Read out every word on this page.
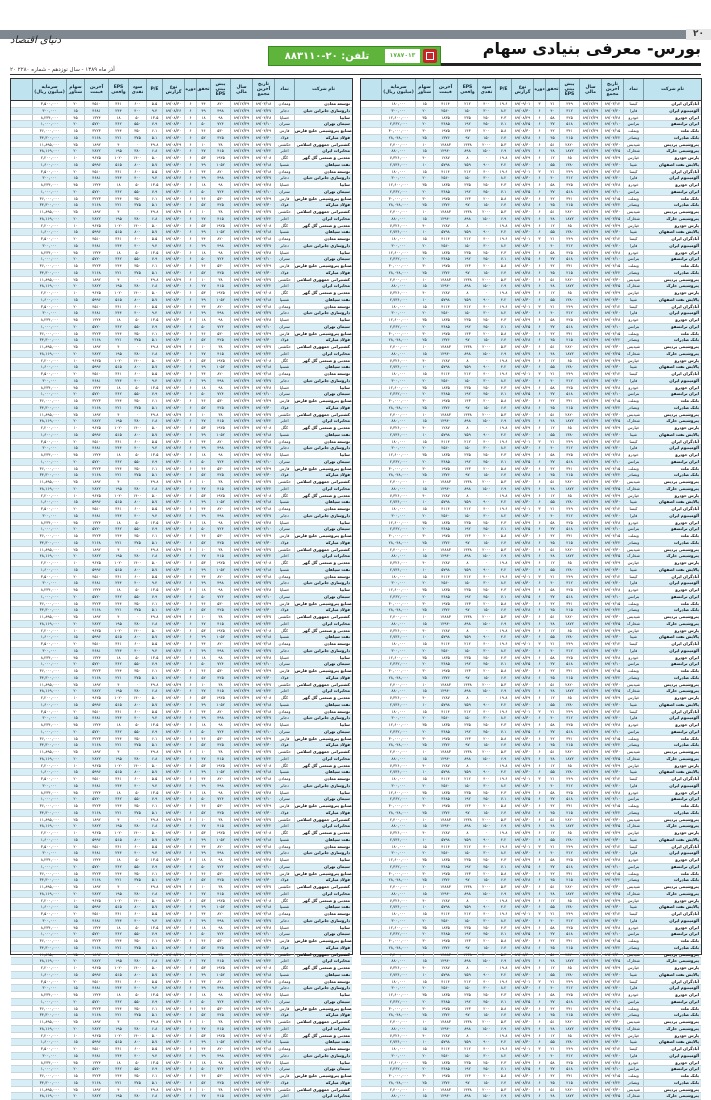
۲۰
دنیای اقتصاد	بورس- معرفی بنیادی سهام
تلفن: ۲۰-۸۸۳۱۱۰	۱۷۸۷۰۱۳
۲۰ آذر ماه ۱۳۸۹ - سال نوزدهم - شماره ۲۲۸۰
نام شرکت
نماد
تاریخ آخرین مجمع
سال مالی
پیش بینی EPS
تحقق
دوره
نوع گزارش
P/E
سود نقدی
EPS واقعی
آخرین قیمت
سهام شناور
سرمایه (میلیون ریال)
آبادگران ایران
کیسا
۸۹/۰۳/۱۲
۸۹/۱۲/۲۹
۲۴۹
۲۱
۳
۸۹/۰۹/۰۱
۱۹.۶
۴۰۰
۲۱۲
۴۱۱۴
۱۵
۱۸۰,۰۰۰
آلومینیوم ایران
فایرا
۸۹/۰۴/۲۰
۸۹/۱۲/۲۹
۳۱۲
۴۰
۶
۸۹/۰۸/۳۰
۸.۲
۳۰۰
۱۵۰
۲۵۶۰
۲۰
۳۰۰,۰۰۰
ایران خودرو
خودرو
۸۹/۰۴/۲۸
۸۹/۱۲/۲۹
۴۲۵
۵۸
۶
۸۹/۰۸/۲۹
۴.۳
۲۵۰
۲۳۵
۱۸۳۵
۳۵
۱۲,۶۰۰,۰۰۰
ایران ترانسفو
بترانس
۸۹/۰۴/۱۰
۸۹/۱۲/۲۹
۵۱۸
۳۷
۶
۸۹/۰۸/۲۵
۷.۱
۴۵۰
۱۹۲
۳۶۸۵
۲۰
۲,۳۶۲,۰۰۰
بانک ملت
وبملت
۸۹/۰۴/۱۵
۸۹/۱۲/۲۹
۳۴۱
۴۲
۶
۸۹/۰۸/۳۰
۵.۸
۲۰۰
۱۴۳
۱۹۷۵
۳۰
۳۰,۰۰۰,۰۰۰
بانک صادرات
وبصادر
۸۹/۰۴/۲۲
۸۹/۱۲/۲۹
۲۱۵
۴۵
۶
۸۹/۰۸/۲۸
۶.۴
۱۵۰
۹۷
۱۳۷۶
۲۵
۲۸,۰۴۸,۰۰۰
پتروشیمی پردیس
شپدیس
۸۹/۰۳/۳۰
۸۹/۱۲/۲۹
۲۸۲۰
۵۱
۶
۸۹/۰۸/۳۰
۵.۳
۲۰۰۰
۱۴۳۸
۱۴۸۸۳
۱۰
۲,۴۰۰,۰۰۰
پتروشیمی خارک
شخارک
۸۹/۰۳/۲۵
۸۹/۱۲/۲۹
۱۸۷۲
۴۸
۶
۸۹/۰۸/۲۷
۶.۹
۱۵۰۰
۸۹۸
۱۲۹۴۰
۱۵
۸۸۰,۰۰۰
پارس خودرو
خپارس
۸۹/۰۴/۲۹
۸۹/۱۲/۲۹
۶۵
۱۲
۶
۸۹/۰۸/۲۹
۱۹.۸
۰
۸
۱۲۸۷
۴۰
۷,۳۲۶,۰۰۰
پالایش نفت اصفهان
شپنا
۸۹/۰۴/۳۰
۸۹/۱۲/۲۹
۱۳۸۰
۵۵
۶
۸۹/۰۸/۳۰
۴.۲
۹۰۰
۷۵۹
۵۷۹۸
۱۰
۲,۷۳۶,۰۰۰
آبادگران ایران
کیسا
۸۹/۰۳/۱۲
۸۹/۱۲/۲۹
۲۴۹
۲۱
۳
۸۹/۰۹/۰۱
۱۹.۶
۴۰۰
۲۱۲
۴۱۱۴
۱۵
۱۸۰,۰۰۰
آلومینیوم ایران
فایرا
۸۹/۰۴/۲۰
۸۹/۱۲/۲۹
۳۱۲
۴۰
۶
۸۹/۰۸/۳۰
۸.۲
۳۰۰
۱۵۰
۲۵۶۰
۲۰
۳۰۰,۰۰۰
ایران خودرو
خودرو
۸۹/۰۴/۲۸
۸۹/۱۲/۲۹
۴۲۵
۵۸
۶
۸۹/۰۸/۲۹
۴.۳
۲۵۰
۲۳۵
۱۸۳۵
۳۵
۱۲,۶۰۰,۰۰۰
ایران ترانسفو
بترانس
۸۹/۰۴/۱۰
۸۹/۱۲/۲۹
۵۱۸
۳۷
۶
۸۹/۰۸/۲۵
۷.۱
۴۵۰
۱۹۲
۳۶۸۵
۲۰
۲,۳۶۲,۰۰۰
بانک ملت
وبملت
۸۹/۰۴/۱۵
۸۹/۱۲/۲۹
۳۴۱
۴۲
۶
۸۹/۰۸/۳۰
۵.۸
۲۰۰
۱۴۳
۱۹۷۵
۳۰
۳۰,۰۰۰,۰۰۰
بانک صادرات
وبصادر
۸۹/۰۴/۲۲
۸۹/۱۲/۲۹
۲۱۵
۴۵
۶
۸۹/۰۸/۲۸
۶.۴
۱۵۰
۹۷
۱۳۷۶
۲۵
۲۸,۰۴۸,۰۰۰
پتروشیمی پردیس
شپدیس
۸۹/۰۳/۳۰
۸۹/۱۲/۲۹
۲۸۲۰
۵۱
۶
۸۹/۰۸/۳۰
۵.۳
۲۰۰۰
۱۴۳۸
۱۴۸۸۳
۱۰
۲,۴۰۰,۰۰۰
پتروشیمی خارک
شخارک
۸۹/۰۳/۲۵
۸۹/۱۲/۲۹
۱۸۷۲
۴۸
۶
۸۹/۰۸/۲۷
۶.۹
۱۵۰۰
۸۹۸
۱۲۹۴۰
۱۵
۸۸۰,۰۰۰
پارس خودرو
خپارس
۸۹/۰۴/۲۹
۸۹/۱۲/۲۹
۶۵
۱۲
۶
۸۹/۰۸/۲۹
۱۹.۸
۰
۸
۱۲۸۷
۴۰
۷,۳۲۶,۰۰۰
پالایش نفت اصفهان
شپنا
۸۹/۰۴/۳۰
۸۹/۱۲/۲۹
۱۳۸۰
۵۵
۶
۸۹/۰۸/۳۰
۴.۲
۹۰۰
۷۵۹
۵۷۹۸
۱۰
۲,۷۳۶,۰۰۰
آبادگران ایران
کیسا
۸۹/۰۳/۱۲
۸۹/۱۲/۲۹
۲۴۹
۲۱
۳
۸۹/۰۹/۰۱
۱۹.۶
۴۰۰
۲۱۲
۴۱۱۴
۱۵
۱۸۰,۰۰۰
آلومینیوم ایران
فایرا
۸۹/۰۴/۲۰
۸۹/۱۲/۲۹
۳۱۲
۴۰
۶
۸۹/۰۸/۳۰
۸.۲
۳۰۰
۱۵۰
۲۵۶۰
۲۰
۳۰۰,۰۰۰
ایران خودرو
خودرو
۸۹/۰۴/۲۸
۸۹/۱۲/۲۹
۴۲۵
۵۸
۶
۸۹/۰۸/۲۹
۴.۳
۲۵۰
۲۳۵
۱۸۳۵
۳۵
۱۲,۶۰۰,۰۰۰
ایران ترانسفو
بترانس
۸۹/۰۴/۱۰
۸۹/۱۲/۲۹
۵۱۸
۳۷
۶
۸۹/۰۸/۲۵
۷.۱
۴۵۰
۱۹۲
۳۶۸۵
۲۰
۲,۳۶۲,۰۰۰
بانک ملت
وبملت
۸۹/۰۴/۱۵
۸۹/۱۲/۲۹
۳۴۱
۴۲
۶
۸۹/۰۸/۳۰
۵.۸
۲۰۰
۱۴۳
۱۹۷۵
۳۰
۳۰,۰۰۰,۰۰۰
بانک صادرات
وبصادر
۸۹/۰۴/۲۲
۸۹/۱۲/۲۹
۲۱۵
۴۵
۶
۸۹/۰۸/۲۸
۶.۴
۱۵۰
۹۷
۱۳۷۶
۲۵
۲۸,۰۴۸,۰۰۰
پتروشیمی پردیس
شپدیس
۸۹/۰۳/۳۰
۸۹/۱۲/۲۹
۲۸۲۰
۵۱
۶
۸۹/۰۸/۳۰
۵.۳
۲۰۰۰
۱۴۳۸
۱۴۸۸۳
۱۰
۲,۴۰۰,۰۰۰
پتروشیمی خارک
شخارک
۸۹/۰۳/۲۵
۸۹/۱۲/۲۹
۱۸۷۲
۴۸
۶
۸۹/۰۸/۲۷
۶.۹
۱۵۰۰
۸۹۸
۱۲۹۴۰
۱۵
۸۸۰,۰۰۰
پارس خودرو
خپارس
۸۹/۰۴/۲۹
۸۹/۱۲/۲۹
۶۵
۱۲
۶
۸۹/۰۸/۲۹
۱۹.۸
۰
۸
۱۲۸۷
۴۰
۷,۳۲۶,۰۰۰
پالایش نفت اصفهان
شپنا
۸۹/۰۴/۳۰
۸۹/۱۲/۲۹
۱۳۸۰
۵۵
۶
۸۹/۰۸/۳۰
۴.۲
۹۰۰
۷۵۹
۵۷۹۸
۱۰
۲,۷۳۶,۰۰۰
آبادگران ایران
کیسا
۸۹/۰۳/۱۲
۸۹/۱۲/۲۹
۲۴۹
۲۱
۳
۸۹/۰۹/۰۱
۱۹.۶
۴۰۰
۲۱۲
۴۱۱۴
۱۵
۱۸۰,۰۰۰
آلومینیوم ایران
فایرا
۸۹/۰۴/۲۰
۸۹/۱۲/۲۹
۳۱۲
۴۰
۶
۸۹/۰۸/۳۰
۸.۲
۳۰۰
۱۵۰
۲۵۶۰
۲۰
۳۰۰,۰۰۰
ایران خودرو
خودرو
۸۹/۰۴/۲۸
۸۹/۱۲/۲۹
۴۲۵
۵۸
۶
۸۹/۰۸/۲۹
۴.۳
۲۵۰
۲۳۵
۱۸۳۵
۳۵
۱۲,۶۰۰,۰۰۰
ایران ترانسفو
بترانس
۸۹/۰۴/۱۰
۸۹/۱۲/۲۹
۵۱۸
۳۷
۶
۸۹/۰۸/۲۵
۷.۱
۴۵۰
۱۹۲
۳۶۸۵
۲۰
۲,۳۶۲,۰۰۰
بانک ملت
وبملت
۸۹/۰۴/۱۵
۸۹/۱۲/۲۹
۳۴۱
۴۲
۶
۸۹/۰۸/۳۰
۵.۸
۲۰۰
۱۴۳
۱۹۷۵
۳۰
۳۰,۰۰۰,۰۰۰
بانک صادرات
وبصادر
۸۹/۰۴/۲۲
۸۹/۱۲/۲۹
۲۱۵
۴۵
۶
۸۹/۰۸/۲۸
۶.۴
۱۵۰
۹۷
۱۳۷۶
۲۵
۲۸,۰۴۸,۰۰۰
پتروشیمی پردیس
شپدیس
۸۹/۰۳/۳۰
۸۹/۱۲/۲۹
۲۸۲۰
۵۱
۶
۸۹/۰۸/۳۰
۵.۳
۲۰۰۰
۱۴۳۸
۱۴۸۸۳
۱۰
۲,۴۰۰,۰۰۰
پتروشیمی خارک
شخارک
۸۹/۰۳/۲۵
۸۹/۱۲/۲۹
۱۸۷۲
۴۸
۶
۸۹/۰۸/۲۷
۶.۹
۱۵۰۰
۸۹۸
۱۲۹۴۰
۱۵
۸۸۰,۰۰۰
پارس خودرو
خپارس
۸۹/۰۴/۲۹
۸۹/۱۲/۲۹
۶۵
۱۲
۶
۸۹/۰۸/۲۹
۱۹.۸
۰
۸
۱۲۸۷
۴۰
۷,۳۲۶,۰۰۰
پالایش نفت اصفهان
شپنا
۸۹/۰۴/۳۰
۸۹/۱۲/۲۹
۱۳۸۰
۵۵
۶
۸۹/۰۸/۳۰
۴.۲
۹۰۰
۷۵۹
۵۷۹۸
۱۰
۲,۷۳۶,۰۰۰
آبادگران ایران
کیسا
۸۹/۰۳/۱۲
۸۹/۱۲/۲۹
۲۴۹
۲۱
۳
۸۹/۰۹/۰۱
۱۹.۶
۴۰۰
۲۱۲
۴۱۱۴
۱۵
۱۸۰,۰۰۰
آلومینیوم ایران
فایرا
۸۹/۰۴/۲۰
۸۹/۱۲/۲۹
۳۱۲
۴۰
۶
۸۹/۰۸/۳۰
۸.۲
۳۰۰
۱۵۰
۲۵۶۰
۲۰
۳۰۰,۰۰۰
ایران خودرو
خودرو
۸۹/۰۴/۲۸
۸۹/۱۲/۲۹
۴۲۵
۵۸
۶
۸۹/۰۸/۲۹
۴.۳
۲۵۰
۲۳۵
۱۸۳۵
۳۵
۱۲,۶۰۰,۰۰۰
ایران ترانسفو
بترانس
۸۹/۰۴/۱۰
۸۹/۱۲/۲۹
۵۱۸
۳۷
۶
۸۹/۰۸/۲۵
۷.۱
۴۵۰
۱۹۲
۳۶۸۵
۲۰
۲,۳۶۲,۰۰۰
بانک ملت
وبملت
۸۹/۰۴/۱۵
۸۹/۱۲/۲۹
۳۴۱
۴۲
۶
۸۹/۰۸/۳۰
۵.۸
۲۰۰
۱۴۳
۱۹۷۵
۳۰
۳۰,۰۰۰,۰۰۰
بانک صادرات
وبصادر
۸۹/۰۴/۲۲
۸۹/۱۲/۲۹
۲۱۵
۴۵
۶
۸۹/۰۸/۲۸
۶.۴
۱۵۰
۹۷
۱۳۷۶
۲۵
۲۸,۰۴۸,۰۰۰
پتروشیمی پردیس
شپدیس
۸۹/۰۳/۳۰
۸۹/۱۲/۲۹
۲۸۲۰
۵۱
۶
۸۹/۰۸/۳۰
۵.۳
۲۰۰۰
۱۴۳۸
۱۴۸۸۳
۱۰
۲,۴۰۰,۰۰۰
پتروشیمی خارک
شخارک
۸۹/۰۳/۲۵
۸۹/۱۲/۲۹
۱۸۷۲
۴۸
۶
۸۹/۰۸/۲۷
۶.۹
۱۵۰۰
۸۹۸
۱۲۹۴۰
۱۵
۸۸۰,۰۰۰
پارس خودرو
خپارس
۸۹/۰۴/۲۹
۸۹/۱۲/۲۹
۶۵
۱۲
۶
۸۹/۰۸/۲۹
۱۹.۸
۰
۸
۱۲۸۷
۴۰
۷,۳۲۶,۰۰۰
پالایش نفت اصفهان
شپنا
۸۹/۰۴/۳۰
۸۹/۱۲/۲۹
۱۳۸۰
۵۵
۶
۸۹/۰۸/۳۰
۴.۲
۹۰۰
۷۵۹
۵۷۹۸
۱۰
۲,۷۳۶,۰۰۰
آبادگران ایران
کیسا
۸۹/۰۳/۱۲
۸۹/۱۲/۲۹
۲۴۹
۲۱
۳
۸۹/۰۹/۰۱
۱۹.۶
۴۰۰
۲۱۲
۴۱۱۴
۱۵
۱۸۰,۰۰۰
آلومینیوم ایران
فایرا
۸۹/۰۴/۲۰
۸۹/۱۲/۲۹
۳۱۲
۴۰
۶
۸۹/۰۸/۳۰
۸.۲
۳۰۰
۱۵۰
۲۵۶۰
۲۰
۳۰۰,۰۰۰
ایران خودرو
خودرو
۸۹/۰۴/۲۸
۸۹/۱۲/۲۹
۴۲۵
۵۸
۶
۸۹/۰۸/۲۹
۴.۳
۲۵۰
۲۳۵
۱۸۳۵
۳۵
۱۲,۶۰۰,۰۰۰
ایران ترانسفو
بترانس
۸۹/۰۴/۱۰
۸۹/۱۲/۲۹
۵۱۸
۳۷
۶
۸۹/۰۸/۲۵
۷.۱
۴۵۰
۱۹۲
۳۶۸۵
۲۰
۲,۳۶۲,۰۰۰
بانک ملت
وبملت
۸۹/۰۴/۱۵
۸۹/۱۲/۲۹
۳۴۱
۴۲
۶
۸۹/۰۸/۳۰
۵.۸
۲۰۰
۱۴۳
۱۹۷۵
۳۰
۳۰,۰۰۰,۰۰۰
بانک صادرات
وبصادر
۸۹/۰۴/۲۲
۸۹/۱۲/۲۹
۲۱۵
۴۵
۶
۸۹/۰۸/۲۸
۶.۴
۱۵۰
۹۷
۱۳۷۶
۲۵
۲۸,۰۴۸,۰۰۰
پتروشیمی پردیس
شپدیس
۸۹/۰۳/۳۰
۸۹/۱۲/۲۹
۲۸۲۰
۵۱
۶
۸۹/۰۸/۳۰
۵.۳
۲۰۰۰
۱۴۳۸
۱۴۸۸۳
۱۰
۲,۴۰۰,۰۰۰
پتروشیمی خارک
شخارک
۸۹/۰۳/۲۵
۸۹/۱۲/۲۹
۱۸۷۲
۴۸
۶
۸۹/۰۸/۲۷
۶.۹
۱۵۰۰
۸۹۸
۱۲۹۴۰
۱۵
۸۸۰,۰۰۰
پارس خودرو
خپارس
۸۹/۰۴/۲۹
۸۹/۱۲/۲۹
۶۵
۱۲
۶
۸۹/۰۸/۲۹
۱۹.۸
۰
۸
۱۲۸۷
۴۰
۷,۳۲۶,۰۰۰
پالایش نفت اصفهان
شپنا
۸۹/۰۴/۳۰
۸۹/۱۲/۲۹
۱۳۸۰
۵۵
۶
۸۹/۰۸/۳۰
۴.۲
۹۰۰
۷۵۹
۵۷۹۸
۱۰
۲,۷۳۶,۰۰۰
آبادگران ایران
کیسا
۸۹/۰۳/۱۲
۸۹/۱۲/۲۹
۲۴۹
۲۱
۳
۸۹/۰۹/۰۱
۱۹.۶
۴۰۰
۲۱۲
۴۱۱۴
۱۵
۱۸۰,۰۰۰
آلومینیوم ایران
فایرا
۸۹/۰۴/۲۰
۸۹/۱۲/۲۹
۳۱۲
۴۰
۶
۸۹/۰۸/۳۰
۸.۲
۳۰۰
۱۵۰
۲۵۶۰
۲۰
۳۰۰,۰۰۰
ایران خودرو
خودرو
۸۹/۰۴/۲۸
۸۹/۱۲/۲۹
۴۲۵
۵۸
۶
۸۹/۰۸/۲۹
۴.۳
۲۵۰
۲۳۵
۱۸۳۵
۳۵
۱۲,۶۰۰,۰۰۰
ایران ترانسفو
بترانس
۸۹/۰۴/۱۰
۸۹/۱۲/۲۹
۵۱۸
۳۷
۶
۸۹/۰۸/۲۵
۷.۱
۴۵۰
۱۹۲
۳۶۸۵
۲۰
۲,۳۶۲,۰۰۰
بانک ملت
وبملت
۸۹/۰۴/۱۵
۸۹/۱۲/۲۹
۳۴۱
۴۲
۶
۸۹/۰۸/۳۰
۵.۸
۲۰۰
۱۴۳
۱۹۷۵
۳۰
۳۰,۰۰۰,۰۰۰
بانک صادرات
وبصادر
۸۹/۰۴/۲۲
۸۹/۱۲/۲۹
۲۱۵
۴۵
۶
۸۹/۰۸/۲۸
۶.۴
۱۵۰
۹۷
۱۳۷۶
۲۵
۲۸,۰۴۸,۰۰۰
پتروشیمی پردیس
شپدیس
۸۹/۰۳/۳۰
۸۹/۱۲/۲۹
۲۸۲۰
۵۱
۶
۸۹/۰۸/۳۰
۵.۳
۲۰۰۰
۱۴۳۸
۱۴۸۸۳
۱۰
۲,۴۰۰,۰۰۰
پتروشیمی خارک
شخارک
۸۹/۰۳/۲۵
۸۹/۱۲/۲۹
۱۸۷۲
۴۸
۶
۸۹/۰۸/۲۷
۶.۹
۱۵۰۰
۸۹۸
۱۲۹۴۰
۱۵
۸۸۰,۰۰۰
پارس خودرو
خپارس
۸۹/۰۴/۲۹
۸۹/۱۲/۲۹
۶۵
۱۲
۶
۸۹/۰۸/۲۹
۱۹.۸
۰
۸
۱۲۸۷
۴۰
۷,۳۲۶,۰۰۰
پالایش نفت اصفهان
شپنا
۸۹/۰۴/۳۰
۸۹/۱۲/۲۹
۱۳۸۰
۵۵
۶
۸۹/۰۸/۳۰
۴.۲
۹۰۰
۷۵۹
۵۷۹۸
۱۰
۲,۷۳۶,۰۰۰
آبادگران ایران
کیسا
۸۹/۰۳/۱۲
۸۹/۱۲/۲۹
۲۴۹
۲۱
۳
۸۹/۰۹/۰۱
۱۹.۶
۴۰۰
۲۱۲
۴۱۱۴
۱۵
۱۸۰,۰۰۰
آلومینیوم ایران
فایرا
۸۹/۰۴/۲۰
۸۹/۱۲/۲۹
۳۱۲
۴۰
۶
۸۹/۰۸/۳۰
۸.۲
۳۰۰
۱۵۰
۲۵۶۰
۲۰
۳۰۰,۰۰۰
ایران خودرو
خودرو
۸۹/۰۴/۲۸
۸۹/۱۲/۲۹
۴۲۵
۵۸
۶
۸۹/۰۸/۲۹
۴.۳
۲۵۰
۲۳۵
۱۸۳۵
۳۵
۱۲,۶۰۰,۰۰۰
ایران ترانسفو
بترانس
۸۹/۰۴/۱۰
۸۹/۱۲/۲۹
۵۱۸
۳۷
۶
۸۹/۰۸/۲۵
۷.۱
۴۵۰
۱۹۲
۳۶۸۵
۲۰
۲,۳۶۲,۰۰۰
بانک ملت
وبملت
۸۹/۰۴/۱۵
۸۹/۱۲/۲۹
۳۴۱
۴۲
۶
۸۹/۰۸/۳۰
۵.۸
۲۰۰
۱۴۳
۱۹۷۵
۳۰
۳۰,۰۰۰,۰۰۰
بانک صادرات
وبصادر
۸۹/۰۴/۲۲
۸۹/۱۲/۲۹
۲۱۵
۴۵
۶
۸۹/۰۸/۲۸
۶.۴
۱۵۰
۹۷
۱۳۷۶
۲۵
۲۸,۰۴۸,۰۰۰
پتروشیمی پردیس
شپدیس
۸۹/۰۳/۳۰
۸۹/۱۲/۲۹
۲۸۲۰
۵۱
۶
۸۹/۰۸/۳۰
۵.۳
۲۰۰۰
۱۴۳۸
۱۴۸۸۳
۱۰
۲,۴۰۰,۰۰۰
پتروشیمی خارک
شخارک
۸۹/۰۳/۲۵
۸۹/۱۲/۲۹
۱۸۷۲
۴۸
۶
۸۹/۰۸/۲۷
۶.۹
۱۵۰۰
۸۹۸
۱۲۹۴۰
۱۵
۸۸۰,۰۰۰
پارس خودرو
خپارس
۸۹/۰۴/۲۹
۸۹/۱۲/۲۹
۶۵
۱۲
۶
۸۹/۰۸/۲۹
۱۹.۸
۰
۸
۱۲۸۷
۴۰
۷,۳۲۶,۰۰۰
پالایش نفت اصفهان
شپنا
۸۹/۰۴/۳۰
۸۹/۱۲/۲۹
۱۳۸۰
۵۵
۶
۸۹/۰۸/۳۰
۴.۲
۹۰۰
۷۵۹
۵۷۹۸
۱۰
۲,۷۳۶,۰۰۰
آبادگران ایران
کیسا
۸۹/۰۳/۱۲
۸۹/۱۲/۲۹
۲۴۹
۲۱
۳
۸۹/۰۹/۰۱
۱۹.۶
۴۰۰
۲۱۲
۴۱۱۴
۱۵
۱۸۰,۰۰۰
آلومینیوم ایران
فایرا
۸۹/۰۴/۲۰
۸۹/۱۲/۲۹
۳۱۲
۴۰
۶
۸۹/۰۸/۳۰
۸.۲
۳۰۰
۱۵۰
۲۵۶۰
۲۰
۳۰۰,۰۰۰
ایران خودرو
خودرو
۸۹/۰۴/۲۸
۸۹/۱۲/۲۹
۴۲۵
۵۸
۶
۸۹/۰۸/۲۹
۴.۳
۲۵۰
۲۳۵
۱۸۳۵
۳۵
۱۲,۶۰۰,۰۰۰
ایران ترانسفو
بترانس
۸۹/۰۴/۱۰
۸۹/۱۲/۲۹
۵۱۸
۳۷
۶
۸۹/۰۸/۲۵
۷.۱
۴۵۰
۱۹۲
۳۶۸۵
۲۰
۲,۳۶۲,۰۰۰
بانک ملت
وبملت
۸۹/۰۴/۱۵
۸۹/۱۲/۲۹
۳۴۱
۴۲
۶
۸۹/۰۸/۳۰
۵.۸
۲۰۰
۱۴۳
۱۹۷۵
۳۰
۳۰,۰۰۰,۰۰۰
بانک صادرات
وبصادر
۸۹/۰۴/۲۲
۸۹/۱۲/۲۹
۲۱۵
۴۵
۶
۸۹/۰۸/۲۸
۶.۴
۱۵۰
۹۷
۱۳۷۶
۲۵
۲۸,۰۴۸,۰۰۰
پتروشیمی پردیس
شپدیس
۸۹/۰۳/۳۰
۸۹/۱۲/۲۹
۲۸۲۰
۵۱
۶
۸۹/۰۸/۳۰
۵.۳
۲۰۰۰
۱۴۳۸
۱۴۸۸۳
۱۰
۲,۴۰۰,۰۰۰
پتروشیمی خارک
شخارک
۸۹/۰۳/۲۵
۸۹/۱۲/۲۹
۱۸۷۲
۴۸
۶
۸۹/۰۸/۲۷
۶.۹
۱۵۰۰
۸۹۸
۱۲۹۴۰
۱۵
۸۸۰,۰۰۰
پارس خودرو
خپارس
۸۹/۰۴/۲۹
۸۹/۱۲/۲۹
۶۵
۱۲
۶
۸۹/۰۸/۲۹
۱۹.۸
۰
۸
۱۲۸۷
۴۰
۷,۳۲۶,۰۰۰
پالایش نفت اصفهان
شپنا
۸۹/۰۴/۳۰
۸۹/۱۲/۲۹
۱۳۸۰
۵۵
۶
۸۹/۰۸/۳۰
۴.۲
۹۰۰
۷۵۹
۵۷۹۸
۱۰
۲,۷۳۶,۰۰۰
آبادگران ایران
کیسا
۸۹/۰۳/۱۲
۸۹/۱۲/۲۹
۲۴۹
۲۱
۳
۸۹/۰۹/۰۱
۱۹.۶
۴۰۰
۲۱۲
۴۱۱۴
۱۵
۱۸۰,۰۰۰
آلومینیوم ایران
فایرا
۸۹/۰۴/۲۰
۸۹/۱۲/۲۹
۳۱۲
۴۰
۶
۸۹/۰۸/۳۰
۸.۲
۳۰۰
۱۵۰
۲۵۶۰
۲۰
۳۰۰,۰۰۰
ایران خودرو
خودرو
۸۹/۰۴/۲۸
۸۹/۱۲/۲۹
۴۲۵
۵۸
۶
۸۹/۰۸/۲۹
۴.۳
۲۵۰
۲۳۵
۱۸۳۵
۳۵
۱۲,۶۰۰,۰۰۰
ایران ترانسفو
بترانس
۸۹/۰۴/۱۰
۸۹/۱۲/۲۹
۵۱۸
۳۷
۶
۸۹/۰۸/۲۵
۷.۱
۴۵۰
۱۹۲
۳۶۸۵
۲۰
۲,۳۶۲,۰۰۰
بانک ملت
وبملت
۸۹/۰۴/۱۵
۸۹/۱۲/۲۹
۳۴۱
۴۲
۶
۸۹/۰۸/۳۰
۵.۸
۲۰۰
۱۴۳
۱۹۷۵
۳۰
۳۰,۰۰۰,۰۰۰
بانک صادرات
وبصادر
۸۹/۰۴/۲۲
۸۹/۱۲/۲۹
۲۱۵
۴۵
۶
۸۹/۰۸/۲۸
۶.۴
۱۵۰
۹۷
۱۳۷۶
۲۵
۲۸,۰۴۸,۰۰۰
پتروشیمی پردیس
شپدیس
۸۹/۰۳/۳۰
۸۹/۱۲/۲۹
۲۸۲۰
۵۱
۶
۸۹/۰۸/۳۰
۵.۳
۲۰۰۰
۱۴۳۸
۱۴۸۸۳
۱۰
۲,۴۰۰,۰۰۰
پتروشیمی خارک
شخارک
۸۹/۰۳/۲۵
۸۹/۱۲/۲۹
۱۸۷۲
۴۸
۶
۸۹/۰۸/۲۷
۶.۹
۱۵۰۰
۸۹۸
۱۲۹۴۰
۱۵
۸۸۰,۰۰۰
پارس خودرو
خپارس
۸۹/۰۴/۲۹
۸۹/۱۲/۲۹
۶۵
۱۲
۶
۸۹/۰۸/۲۹
۱۹.۸
۰
۸
۱۲۸۷
۴۰
۷,۳۲۶,۰۰۰
پالایش نفت اصفهان
شپنا
۸۹/۰۴/۳۰
۸۹/۱۲/۲۹
۱۳۸۰
۵۵
۶
۸۹/۰۸/۳۰
۴.۲
۹۰۰
۷۵۹
۵۷۹۸
۱۰
۲,۷۳۶,۰۰۰
آبادگران ایران
کیسا
۸۹/۰۳/۱۲
۸۹/۱۲/۲۹
۲۴۹
۲۱
۳
۸۹/۰۹/۰۱
۱۹.۶
۴۰۰
۲۱۲
۴۱۱۴
۱۵
۱۸۰,۰۰۰
آلومینیوم ایران
فایرا
۸۹/۰۴/۲۰
۸۹/۱۲/۲۹
۳۱۲
۴۰
۶
۸۹/۰۸/۳۰
۸.۲
۳۰۰
۱۵۰
۲۵۶۰
۲۰
۳۰۰,۰۰۰
ایران خودرو
خودرو
۸۹/۰۴/۲۸
۸۹/۱۲/۲۹
۴۲۵
۵۸
۶
۸۹/۰۸/۲۹
۴.۳
۲۵۰
۲۳۵
۱۸۳۵
۳۵
۱۲,۶۰۰,۰۰۰
ایران ترانسفو
بترانس
۸۹/۰۴/۱۰
۸۹/۱۲/۲۹
۵۱۸
۳۷
۶
۸۹/۰۸/۲۵
۷.۱
۴۵۰
۱۹۲
۳۶۸۵
۲۰
۲,۳۶۲,۰۰۰
بانک ملت
وبملت
۸۹/۰۴/۱۵
۸۹/۱۲/۲۹
۳۴۱
۴۲
۶
۸۹/۰۸/۳۰
۵.۸
۲۰۰
۱۴۳
۱۹۷۵
۳۰
۳۰,۰۰۰,۰۰۰
بانک صادرات
وبصادر
۸۹/۰۴/۲۲
۸۹/۱۲/۲۹
۲۱۵
۴۵
۶
۸۹/۰۸/۲۸
۶.۴
۱۵۰
۹۷
۱۳۷۶
۲۵
۲۸,۰۴۸,۰۰۰
پتروشیمی پردیس
شپدیس
۸۹/۰۳/۳۰
۸۹/۱۲/۲۹
۲۸۲۰
۵۱
۶
۸۹/۰۸/۳۰
۵.۳
۲۰۰۰
۱۴۳۸
۱۴۸۸۳
۱۰
۲,۴۰۰,۰۰۰
پتروشیمی خارک
شخارک
۸۹/۰۳/۲۵
۸۹/۱۲/۲۹
۱۸۷۲
۴۸
۶
۸۹/۰۸/۲۷
۶.۹
۱۵۰۰
۸۹۸
۱۲۹۴۰
۱۵
۸۸۰,۰۰۰
پارس خودرو
خپارس
۸۹/۰۴/۲۹
۸۹/۱۲/۲۹
۶۵
۱۲
۶
۸۹/۰۸/۲۹
۱۹.۸
۰
۸
۱۲۸۷
۴۰
۷,۳۲۶,۰۰۰
پالایش نفت اصفهان
شپنا
۸۹/۰۴/۳۰
۸۹/۱۲/۲۹
۱۳۸۰
۵۵
۶
۸۹/۰۸/۳۰
۴.۲
۹۰۰
۷۵۹
۵۷۹۸
۱۰
۲,۷۳۶,۰۰۰
آبادگران ایران
کیسا
۸۹/۰۳/۱۲
۸۹/۱۲/۲۹
۲۴۹
۲۱
۳
۸۹/۰۹/۰۱
۱۹.۶
۴۰۰
۲۱۲
۴۱۱۴
۱۵
۱۸۰,۰۰۰
آلومینیوم ایران
فایرا
۸۹/۰۴/۲۰
۸۹/۱۲/۲۹
۳۱۲
۴۰
۶
۸۹/۰۸/۳۰
۸.۲
۳۰۰
۱۵۰
۲۵۶۰
۲۰
۳۰۰,۰۰۰
ایران خودرو
خودرو
۸۹/۰۴/۲۸
۸۹/۱۲/۲۹
۴۲۵
۵۸
۶
۸۹/۰۸/۲۹
۴.۳
۲۵۰
۲۳۵
۱۸۳۵
۳۵
۱۲,۶۰۰,۰۰۰
ایران ترانسفو
بترانس
۸۹/۰۴/۱۰
۸۹/۱۲/۲۹
۵۱۸
۳۷
۶
۸۹/۰۸/۲۵
۷.۱
۴۵۰
۱۹۲
۳۶۸۵
۲۰
۲,۳۶۲,۰۰۰
بانک ملت
وبملت
۸۹/۰۴/۱۵
۸۹/۱۲/۲۹
۳۴۱
۴۲
۶
۸۹/۰۸/۳۰
۵.۸
۲۰۰
۱۴۳
۱۹۷۵
۳۰
۳۰,۰۰۰,۰۰۰
بانک صادرات
وبصادر
۸۹/۰۴/۲۲
۸۹/۱۲/۲۹
۲۱۵
۴۵
۶
۸۹/۰۸/۲۸
۶.۴
۱۵۰
۹۷
۱۳۷۶
۲۵
۲۸,۰۴۸,۰۰۰
پتروشیمی پردیس
شپدیس
۸۹/۰۳/۳۰
۸۹/۱۲/۲۹
۲۸۲۰
۵۱
۶
۸۹/۰۸/۳۰
۵.۳
۲۰۰۰
۱۴۳۸
۱۴۸۸۳
۱۰
۲,۴۰۰,۰۰۰
پتروشیمی خارک
شخارک
۸۹/۰۳/۲۵
۸۹/۱۲/۲۹
۱۸۷۲
۴۸
۶
۸۹/۰۸/۲۷
۶.۹
۱۵۰۰
۸۹۸
۱۲۹۴۰
۱۵
۸۸۰,۰۰۰
پارس خودرو
خپارس
۸۹/۰۴/۲۹
۸۹/۱۲/۲۹
۶۵
۱۲
۶
۸۹/۰۸/۲۹
۱۹.۸
۰
۸
۱۲۸۷
۴۰
۷,۳۲۶,۰۰۰
پالایش نفت اصفهان
شپنا
۸۹/۰۴/۳۰
۸۹/۱۲/۲۹
۱۳۸۰
۵۵
۶
۸۹/۰۸/۳۰
۴.۲
۹۰۰
۷۵۹
۵۷۹۸
۱۰
۲,۷۳۶,۰۰۰
آبادگران ایران
کیسا
۸۹/۰۳/۱۲
۸۹/۱۲/۲۹
۲۴۹
۲۱
۳
۸۹/۰۹/۰۱
۱۹.۶
۴۰۰
۲۱۲
۴۱۱۴
۱۵
۱۸۰,۰۰۰
آلومینیوم ایران
فایرا
۸۹/۰۴/۲۰
۸۹/۱۲/۲۹
۳۱۲
۴۰
۶
۸۹/۰۸/۳۰
۸.۲
۳۰۰
۱۵۰
۲۵۶۰
۲۰
۳۰۰,۰۰۰
ایران خودرو
خودرو
۸۹/۰۴/۲۸
۸۹/۱۲/۲۹
۴۲۵
۵۸
۶
۸۹/۰۸/۲۹
۴.۳
۲۵۰
۲۳۵
۱۸۳۵
۳۵
۱۲,۶۰۰,۰۰۰
ایران ترانسفو
بترانس
۸۹/۰۴/۱۰
۸۹/۱۲/۲۹
۵۱۸
۳۷
۶
۸۹/۰۸/۲۵
۷.۱
۴۵۰
۱۹۲
۳۶۸۵
۲۰
۲,۳۶۲,۰۰۰
بانک ملت
وبملت
۸۹/۰۴/۱۵
۸۹/۱۲/۲۹
۳۴۱
۴۲
۶
۸۹/۰۸/۳۰
۵.۸
۲۰۰
۱۴۳
۱۹۷۵
۳۰
۳۰,۰۰۰,۰۰۰
بانک صادرات
وبصادر
۸۹/۰۴/۲۲
۸۹/۱۲/۲۹
۲۱۵
۴۵
۶
۸۹/۰۸/۲۸
۶.۴
۱۵۰
۹۷
۱۳۷۶
۲۵
۲۸,۰۴۸,۰۰۰
پتروشیمی پردیس
شپدیس
۸۹/۰۳/۳۰
۸۹/۱۲/۲۹
۲۸۲۰
۵۱
۶
۸۹/۰۸/۳۰
۵.۳
۲۰۰۰
۱۴۳۸
۱۴۸۸۳
۱۰
۲,۴۰۰,۰۰۰
پتروشیمی خارک
شخارک
۸۹/۰۳/۲۵
۸۹/۱۲/۲۹
۱۸۷۲
۴۸
۶
۸۹/۰۸/۲۷
۶.۹
۱۵۰۰
۸۹۸
۱۲۹۴۰
۱۵
۸۸۰,۰۰۰
پارس خودرو
خپارس
۸۹/۰۴/۲۹
۸۹/۱۲/۲۹
۶۵
۱۲
۶
۸۹/۰۸/۲۹
۱۹.۸
۰
۸
۱۲۸۷
۴۰
۷,۳۲۶,۰۰۰
پالایش نفت اصفهان
شپنا
۸۹/۰۴/۳۰
۸۹/۱۲/۲۹
۱۳۸۰
۵۵
۶
۸۹/۰۸/۳۰
۴.۲
۹۰۰
۷۵۹
۵۷۹۸
۱۰
۲,۷۳۶,۰۰۰
آبادگران ایران
کیسا
۸۹/۰۳/۱۲
۸۹/۱۲/۲۹
۲۴۹
۲۱
۳
۸۹/۰۹/۰۱
۱۹.۶
۴۰۰
۲۱۲
۴۱۱۴
۱۵
۱۸۰,۰۰۰
آلومینیوم ایران
فایرا
۸۹/۰۴/۲۰
۸۹/۱۲/۲۹
۳۱۲
۴۰
۶
۸۹/۰۸/۳۰
۸.۲
۳۰۰
۱۵۰
۲۵۶۰
۲۰
۳۰۰,۰۰۰
ایران خودرو
خودرو
۸۹/۰۴/۲۸
۸۹/۱۲/۲۹
۴۲۵
۵۸
۶
۸۹/۰۸/۲۹
۴.۳
۲۵۰
۲۳۵
۱۸۳۵
۳۵
۱۲,۶۰۰,۰۰۰
ایران ترانسفو
بترانس
۸۹/۰۴/۱۰
۸۹/۱۲/۲۹
۵۱۸
۳۷
۶
۸۹/۰۸/۲۵
۷.۱
۴۵۰
۱۹۲
۳۶۸۵
۲۰
۲,۳۶۲,۰۰۰
بانک ملت
وبملت
۸۹/۰۴/۱۵
۸۹/۱۲/۲۹
۳۴۱
۴۲
۶
۸۹/۰۸/۳۰
۵.۸
۲۰۰
۱۴۳
۱۹۷۵
۳۰
۳۰,۰۰۰,۰۰۰
بانک صادرات
وبصادر
۸۹/۰۴/۲۲
۸۹/۱۲/۲۹
۲۱۵
۴۵
۶
۸۹/۰۸/۲۸
۶.۴
۱۵۰
۹۷
۱۳۷۶
۲۵
۲۸,۰۴۸,۰۰۰
پتروشیمی پردیس
شپدیس
۸۹/۰۳/۳۰
۸۹/۱۲/۲۹
۲۸۲۰
۵۱
۶
۸۹/۰۸/۳۰
۵.۳
۲۰۰۰
۱۴۳۸
۱۴۸۸۳
۱۰
۲,۴۰۰,۰۰۰
پتروشیمی خارک
شخارک
۸۹/۰۳/۲۵
۸۹/۱۲/۲۹
۱۸۷۲
۴۸
۶
۸۹/۰۸/۲۷
۶.۹
۱۵۰۰
۸۹۸
۱۲۹۴۰
۱۵
۸۸۰,۰۰۰
پارس خودرو
خپارس
۸۹/۰۴/۲۹
۸۹/۱۲/۲۹
۶۵
۱۲
۶
۸۹/۰۸/۲۹
۱۹.۸
۰
۸
۱۲۸۷
۴۰
۷,۳۲۶,۰۰۰
پالایش نفت اصفهان
شپنا
۸۹/۰۴/۳۰
۸۹/۱۲/۲۹
۱۳۸۰
۵۵
۶
۸۹/۰۸/۳۰
۴.۲
۹۰۰
۷۵۹
۵۷۹۸
۱۰
۲,۷۳۶,۰۰۰
آبادگران ایران
کیسا
۸۹/۰۳/۱۲
۸۹/۱۲/۲۹
۲۴۹
۲۱
۳
۸۹/۰۹/۰۱
۱۹.۶
۴۰۰
۲۱۲
۴۱۱۴
۱۵
۱۸۰,۰۰۰
آلومینیوم ایران
فایرا
۸۹/۰۴/۲۰
۸۹/۱۲/۲۹
۳۱۲
۴۰
۶
۸۹/۰۸/۳۰
۸.۲
۳۰۰
۱۵۰
۲۵۶۰
۲۰
۳۰۰,۰۰۰
ایران خودرو
خودرو
۸۹/۰۴/۲۸
۸۹/۱۲/۲۹
۴۲۵
۵۸
۶
۸۹/۰۸/۲۹
۴.۳
۲۵۰
۲۳۵
۱۸۳۵
۳۵
۱۲,۶۰۰,۰۰۰
ایران ترانسفو
بترانس
۸۹/۰۴/۱۰
۸۹/۱۲/۲۹
۵۱۸
۳۷
۶
۸۹/۰۸/۲۵
۷.۱
۴۵۰
۱۹۲
۳۶۸۵
۲۰
۲,۳۶۲,۰۰۰
بانک ملت
وبملت
۸۹/۰۴/۱۵
۸۹/۱۲/۲۹
۳۴۱
۴۲
۶
۸۹/۰۸/۳۰
۵.۸
۲۰۰
۱۴۳
۱۹۷۵
۳۰
۳۰,۰۰۰,۰۰۰
بانک صادرات
وبصادر
۸۹/۰۴/۲۲
۸۹/۱۲/۲۹
۲۱۵
۴۵
۶
۸۹/۰۸/۲۸
۶.۴
۱۵۰
۹۷
۱۳۷۶
۲۵
۲۸,۰۴۸,۰۰۰
پتروشیمی پردیس
شپدیس
۸۹/۰۳/۳۰
۸۹/۱۲/۲۹
۲۸۲۰
۵۱
۶
۸۹/۰۸/۳۰
۵.۳
۲۰۰۰
۱۴۳۸
۱۴۸۸۳
۱۰
۲,۴۰۰,۰۰۰
پتروشیمی خارک
شخارک
۸۹/۰۳/۲۵
۸۹/۱۲/۲۹
۱۸۷۲
۴۸
۶
۸۹/۰۸/۲۷
۶.۹
۱۵۰۰
۸۹۸
۱۲۹۴۰
۱۵
۸۸۰,۰۰۰
نام شرکت
نماد
تاریخ آخرین مجمع
سال مالی
پیش بینی EPS
تحقق
دوره
نوع گزارش
P/E
سود نقدی
EPS واقعی
آخرین قیمت
سهام شناور
سرمایه (میلیون ریال)
توسعه معادن
ومعادن
۸۹/۰۳/۱۸
۸۹/۱۲/۲۹
۸۲۰
۴۴
۶
۸۹/۰۸/۳۰
۵.۵
۶۰۰
۳۶۱
۴۵۱۰
۲۰
۳,۵۰۰,۰۰۰
داروسازی جابرابن حیان
دجابر
۸۹/۰۳/۲۷
۸۹/۱۲/۲۹
۴۹۸
۴۹
۶
۸۹/۰۸/۲۶
۹.۴
۴۰۰
۲۴۴
۴۶۸۱
۱۵
۳۰۰,۰۰۰
سایپا
خساپا
۸۹/۰۴/۲۸
۸۹/۱۲/۲۹
۹۸
۱۸
۶
۸۹/۰۸/۳۰
۱۳.۵
۵۰
۱۸
۱۳۲۴
۴۵
۸,۲۳۴,۰۰۰
سیمان تهران
ستران
۸۹/۰۴/۱۰
۸۹/۱۲/۲۹
۷۲۴
۵۰
۶
۸۹/۰۸/۳۰
۷.۹
۵۵۰
۳۶۲
۵۷۲۰
۲۰
۱,۰۰۰,۰۰۰
صنایع پتروشیمی خلیج فارس
فارس
۸۹/۰۴/۲۹
۸۹/۱۲/۲۹
۵۳۰
۴۶
۶
۸۹/۰۸/۳۰
۶.۱
۳۵۰
۲۴۴
۳۲۲۳
۱۵
۳۶,۰۰۰,۰۰۰
فولاد مبارکه
فولاد
۸۹/۰۴/۳۰
۸۹/۱۲/۲۹
۴۲۵
۵۲
۶
۸۹/۰۸/۳۰
۵.۱
۳۷۵
۲۲۱
۲۱۶۸
۱۵
۳۴,۳۰۰,۰۰۰
کشتیرانی جمهوری اسلامی
حکشتی
۸۹/۰۴/۲۷
۸۹/۱۲/۲۹
۳۸
۱۰
۶
۸۹/۰۸/۲۹
۴۹.۸
۰
۴
۱۸۹۲
۲۵
۱۱,۸۹۵,۰۰۰
مخابرات ایران
اخابر
۸۹/۰۴/۲۲
۸۹/۱۲/۲۹
۴۱۵
۴۷
۶
۸۹/۰۸/۳۰
۶.۸
۳۸۰
۱۹۵
۲۸۲۲
۲۰
۴۸,۱۱۹,۰۰۰
معدنی و صنعتی گل گهر
کگل
۸۹/۰۴/۰۸
۸۹/۱۲/۲۹
۱۹۲۵
۵۳
۶
۸۹/۰۸/۳۰
۵.۰
۱۴۰۰
۱۰۲۰
۹۶۲۵
۱۰
۲,۲۰۰,۰۰۰
نفت سپاهان
شسپا
۸۹/۰۴/۱۸
۸۹/۱۲/۲۹
۱۰۵۲
۴۹
۶
۸۹/۰۸/۳۰
۵.۷
۸۰۰
۵۱۵
۵۹۹۶
۱۵
۱,۶۰۰,۰۰۰
توسعه معادن
ومعادن
۸۹/۰۳/۱۸
۸۹/۱۲/۲۹
۸۲۰
۴۴
۶
۸۹/۰۸/۳۰
۵.۵
۶۰۰
۳۶۱
۴۵۱۰
۲۰
۳,۵۰۰,۰۰۰
داروسازی جابرابن حیان
دجابر
۸۹/۰۳/۲۷
۸۹/۱۲/۲۹
۴۹۸
۴۹
۶
۸۹/۰۸/۲۶
۹.۴
۴۰۰
۲۴۴
۴۶۸۱
۱۵
۳۰۰,۰۰۰
سایپا
خساپا
۸۹/۰۴/۲۸
۸۹/۱۲/۲۹
۹۸
۱۸
۶
۸۹/۰۸/۳۰
۱۳.۵
۵۰
۱۸
۱۳۲۴
۴۵
۸,۲۳۴,۰۰۰
سیمان تهران
ستران
۸۹/۰۴/۱۰
۸۹/۱۲/۲۹
۷۲۴
۵۰
۶
۸۹/۰۸/۳۰
۷.۹
۵۵۰
۳۶۲
۵۷۲۰
۲۰
۱,۰۰۰,۰۰۰
صنایع پتروشیمی خلیج فارس
فارس
۸۹/۰۴/۲۹
۸۹/۱۲/۲۹
۵۳۰
۴۶
۶
۸۹/۰۸/۳۰
۶.۱
۳۵۰
۲۴۴
۳۲۲۳
۱۵
۳۶,۰۰۰,۰۰۰
فولاد مبارکه
فولاد
۸۹/۰۴/۳۰
۸۹/۱۲/۲۹
۴۲۵
۵۲
۶
۸۹/۰۸/۳۰
۵.۱
۳۷۵
۲۲۱
۲۱۶۸
۱۵
۳۴,۳۰۰,۰۰۰
کشتیرانی جمهوری اسلامی
حکشتی
۸۹/۰۴/۲۷
۸۹/۱۲/۲۹
۳۸
۱۰
۶
۸۹/۰۸/۲۹
۴۹.۸
۰
۴
۱۸۹۲
۲۵
۱۱,۸۹۵,۰۰۰
مخابرات ایران
اخابر
۸۹/۰۴/۲۲
۸۹/۱۲/۲۹
۴۱۵
۴۷
۶
۸۹/۰۸/۳۰
۶.۸
۳۸۰
۱۹۵
۲۸۲۲
۲۰
۴۸,۱۱۹,۰۰۰
معدنی و صنعتی گل گهر
کگل
۸۹/۰۴/۰۸
۸۹/۱۲/۲۹
۱۹۲۵
۵۳
۶
۸۹/۰۸/۳۰
۵.۰
۱۴۰۰
۱۰۲۰
۹۶۲۵
۱۰
۲,۲۰۰,۰۰۰
نفت سپاهان
شسپا
۸۹/۰۴/۱۸
۸۹/۱۲/۲۹
۱۰۵۲
۴۹
۶
۸۹/۰۸/۳۰
۵.۷
۸۰۰
۵۱۵
۵۹۹۶
۱۵
۱,۶۰۰,۰۰۰
توسعه معادن
ومعادن
۸۹/۰۳/۱۸
۸۹/۱۲/۲۹
۸۲۰
۴۴
۶
۸۹/۰۸/۳۰
۵.۵
۶۰۰
۳۶۱
۴۵۱۰
۲۰
۳,۵۰۰,۰۰۰
داروسازی جابرابن حیان
دجابر
۸۹/۰۳/۲۷
۸۹/۱۲/۲۹
۴۹۸
۴۹
۶
۸۹/۰۸/۲۶
۹.۴
۴۰۰
۲۴۴
۴۶۸۱
۱۵
۳۰۰,۰۰۰
سایپا
خساپا
۸۹/۰۴/۲۸
۸۹/۱۲/۲۹
۹۸
۱۸
۶
۸۹/۰۸/۳۰
۱۳.۵
۵۰
۱۸
۱۳۲۴
۴۵
۸,۲۳۴,۰۰۰
سیمان تهران
ستران
۸۹/۰۴/۱۰
۸۹/۱۲/۲۹
۷۲۴
۵۰
۶
۸۹/۰۸/۳۰
۷.۹
۵۵۰
۳۶۲
۵۷۲۰
۲۰
۱,۰۰۰,۰۰۰
صنایع پتروشیمی خلیج فارس
فارس
۸۹/۰۴/۲۹
۸۹/۱۲/۲۹
۵۳۰
۴۶
۶
۸۹/۰۸/۳۰
۶.۱
۳۵۰
۲۴۴
۳۲۲۳
۱۵
۳۶,۰۰۰,۰۰۰
فولاد مبارکه
فولاد
۸۹/۰۴/۳۰
۸۹/۱۲/۲۹
۴۲۵
۵۲
۶
۸۹/۰۸/۳۰
۵.۱
۳۷۵
۲۲۱
۲۱۶۸
۱۵
۳۴,۳۰۰,۰۰۰
کشتیرانی جمهوری اسلامی
حکشتی
۸۹/۰۴/۲۷
۸۹/۱۲/۲۹
۳۸
۱۰
۶
۸۹/۰۸/۲۹
۴۹.۸
۰
۴
۱۸۹۲
۲۵
۱۱,۸۹۵,۰۰۰
مخابرات ایران
اخابر
۸۹/۰۴/۲۲
۸۹/۱۲/۲۹
۴۱۵
۴۷
۶
۸۹/۰۸/۳۰
۶.۸
۳۸۰
۱۹۵
۲۸۲۲
۲۰
۴۸,۱۱۹,۰۰۰
معدنی و صنعتی گل گهر
کگل
۸۹/۰۴/۰۸
۸۹/۱۲/۲۹
۱۹۲۵
۵۳
۶
۸۹/۰۸/۳۰
۵.۰
۱۴۰۰
۱۰۲۰
۹۶۲۵
۱۰
۲,۲۰۰,۰۰۰
نفت سپاهان
شسپا
۸۹/۰۴/۱۸
۸۹/۱۲/۲۹
۱۰۵۲
۴۹
۶
۸۹/۰۸/۳۰
۵.۷
۸۰۰
۵۱۵
۵۹۹۶
۱۵
۱,۶۰۰,۰۰۰
توسعه معادن
ومعادن
۸۹/۰۳/۱۸
۸۹/۱۲/۲۹
۸۲۰
۴۴
۶
۸۹/۰۸/۳۰
۵.۵
۶۰۰
۳۶۱
۴۵۱۰
۲۰
۳,۵۰۰,۰۰۰
داروسازی جابرابن حیان
دجابر
۸۹/۰۳/۲۷
۸۹/۱۲/۲۹
۴۹۸
۴۹
۶
۸۹/۰۸/۲۶
۹.۴
۴۰۰
۲۴۴
۴۶۸۱
۱۵
۳۰۰,۰۰۰
سایپا
خساپا
۸۹/۰۴/۲۸
۸۹/۱۲/۲۹
۹۸
۱۸
۶
۸۹/۰۸/۳۰
۱۳.۵
۵۰
۱۸
۱۳۲۴
۴۵
۸,۲۳۴,۰۰۰
سیمان تهران
ستران
۸۹/۰۴/۱۰
۸۹/۱۲/۲۹
۷۲۴
۵۰
۶
۸۹/۰۸/۳۰
۷.۹
۵۵۰
۳۶۲
۵۷۲۰
۲۰
۱,۰۰۰,۰۰۰
صنایع پتروشیمی خلیج فارس
فارس
۸۹/۰۴/۲۹
۸۹/۱۲/۲۹
۵۳۰
۴۶
۶
۸۹/۰۸/۳۰
۶.۱
۳۵۰
۲۴۴
۳۲۲۳
۱۵
۳۶,۰۰۰,۰۰۰
فولاد مبارکه
فولاد
۸۹/۰۴/۳۰
۸۹/۱۲/۲۹
۴۲۵
۵۲
۶
۸۹/۰۸/۳۰
۵.۱
۳۷۵
۲۲۱
۲۱۶۸
۱۵
۳۴,۳۰۰,۰۰۰
کشتیرانی جمهوری اسلامی
حکشتی
۸۹/۰۴/۲۷
۸۹/۱۲/۲۹
۳۸
۱۰
۶
۸۹/۰۸/۲۹
۴۹.۸
۰
۴
۱۸۹۲
۲۵
۱۱,۸۹۵,۰۰۰
مخابرات ایران
اخابر
۸۹/۰۴/۲۲
۸۹/۱۲/۲۹
۴۱۵
۴۷
۶
۸۹/۰۸/۳۰
۶.۸
۳۸۰
۱۹۵
۲۸۲۲
۲۰
۴۸,۱۱۹,۰۰۰
معدنی و صنعتی گل گهر
کگل
۸۹/۰۴/۰۸
۸۹/۱۲/۲۹
۱۹۲۵
۵۳
۶
۸۹/۰۸/۳۰
۵.۰
۱۴۰۰
۱۰۲۰
۹۶۲۵
۱۰
۲,۲۰۰,۰۰۰
نفت سپاهان
شسپا
۸۹/۰۴/۱۸
۸۹/۱۲/۲۹
۱۰۵۲
۴۹
۶
۸۹/۰۸/۳۰
۵.۷
۸۰۰
۵۱۵
۵۹۹۶
۱۵
۱,۶۰۰,۰۰۰
توسعه معادن
ومعادن
۸۹/۰۳/۱۸
۸۹/۱۲/۲۹
۸۲۰
۴۴
۶
۸۹/۰۸/۳۰
۵.۵
۶۰۰
۳۶۱
۴۵۱۰
۲۰
۳,۵۰۰,۰۰۰
داروسازی جابرابن حیان
دجابر
۸۹/۰۳/۲۷
۸۹/۱۲/۲۹
۴۹۸
۴۹
۶
۸۹/۰۸/۲۶
۹.۴
۴۰۰
۲۴۴
۴۶۸۱
۱۵
۳۰۰,۰۰۰
سایپا
خساپا
۸۹/۰۴/۲۸
۸۹/۱۲/۲۹
۹۸
۱۸
۶
۸۹/۰۸/۳۰
۱۳.۵
۵۰
۱۸
۱۳۲۴
۴۵
۸,۲۳۴,۰۰۰
سیمان تهران
ستران
۸۹/۰۴/۱۰
۸۹/۱۲/۲۹
۷۲۴
۵۰
۶
۸۹/۰۸/۳۰
۷.۹
۵۵۰
۳۶۲
۵۷۲۰
۲۰
۱,۰۰۰,۰۰۰
صنایع پتروشیمی خلیج فارس
فارس
۸۹/۰۴/۲۹
۸۹/۱۲/۲۹
۵۳۰
۴۶
۶
۸۹/۰۸/۳۰
۶.۱
۳۵۰
۲۴۴
۳۲۲۳
۱۵
۳۶,۰۰۰,۰۰۰
فولاد مبارکه
فولاد
۸۹/۰۴/۳۰
۸۹/۱۲/۲۹
۴۲۵
۵۲
۶
۸۹/۰۸/۳۰
۵.۱
۳۷۵
۲۲۱
۲۱۶۸
۱۵
۳۴,۳۰۰,۰۰۰
کشتیرانی جمهوری اسلامی
حکشتی
۸۹/۰۴/۲۷
۸۹/۱۲/۲۹
۳۸
۱۰
۶
۸۹/۰۸/۲۹
۴۹.۸
۰
۴
۱۸۹۲
۲۵
۱۱,۸۹۵,۰۰۰
مخابرات ایران
اخابر
۸۹/۰۴/۲۲
۸۹/۱۲/۲۹
۴۱۵
۴۷
۶
۸۹/۰۸/۳۰
۶.۸
۳۸۰
۱۹۵
۲۸۲۲
۲۰
۴۸,۱۱۹,۰۰۰
معدنی و صنعتی گل گهر
کگل
۸۹/۰۴/۰۸
۸۹/۱۲/۲۹
۱۹۲۵
۵۳
۶
۸۹/۰۸/۳۰
۵.۰
۱۴۰۰
۱۰۲۰
۹۶۲۵
۱۰
۲,۲۰۰,۰۰۰
نفت سپاهان
شسپا
۸۹/۰۴/۱۸
۸۹/۱۲/۲۹
۱۰۵۲
۴۹
۶
۸۹/۰۸/۳۰
۵.۷
۸۰۰
۵۱۵
۵۹۹۶
۱۵
۱,۶۰۰,۰۰۰
توسعه معادن
ومعادن
۸۹/۰۳/۱۸
۸۹/۱۲/۲۹
۸۲۰
۴۴
۶
۸۹/۰۸/۳۰
۵.۵
۶۰۰
۳۶۱
۴۵۱۰
۲۰
۳,۵۰۰,۰۰۰
داروسازی جابرابن حیان
دجابر
۸۹/۰۳/۲۷
۸۹/۱۲/۲۹
۴۹۸
۴۹
۶
۸۹/۰۸/۲۶
۹.۴
۴۰۰
۲۴۴
۴۶۸۱
۱۵
۳۰۰,۰۰۰
سایپا
خساپا
۸۹/۰۴/۲۸
۸۹/۱۲/۲۹
۹۸
۱۸
۶
۸۹/۰۸/۳۰
۱۳.۵
۵۰
۱۸
۱۳۲۴
۴۵
۸,۲۳۴,۰۰۰
سیمان تهران
ستران
۸۹/۰۴/۱۰
۸۹/۱۲/۲۹
۷۲۴
۵۰
۶
۸۹/۰۸/۳۰
۷.۹
۵۵۰
۳۶۲
۵۷۲۰
۲۰
۱,۰۰۰,۰۰۰
صنایع پتروشیمی خلیج فارس
فارس
۸۹/۰۴/۲۹
۸۹/۱۲/۲۹
۵۳۰
۴۶
۶
۸۹/۰۸/۳۰
۶.۱
۳۵۰
۲۴۴
۳۲۲۳
۱۵
۳۶,۰۰۰,۰۰۰
فولاد مبارکه
فولاد
۸۹/۰۴/۳۰
۸۹/۱۲/۲۹
۴۲۵
۵۲
۶
۸۹/۰۸/۳۰
۵.۱
۳۷۵
۲۲۱
۲۱۶۸
۱۵
۳۴,۳۰۰,۰۰۰
کشتیرانی جمهوری اسلامی
حکشتی
۸۹/۰۴/۲۷
۸۹/۱۲/۲۹
۳۸
۱۰
۶
۸۹/۰۸/۲۹
۴۹.۸
۰
۴
۱۸۹۲
۲۵
۱۱,۸۹۵,۰۰۰
مخابرات ایران
اخابر
۸۹/۰۴/۲۲
۸۹/۱۲/۲۹
۴۱۵
۴۷
۶
۸۹/۰۸/۳۰
۶.۸
۳۸۰
۱۹۵
۲۸۲۲
۲۰
۴۸,۱۱۹,۰۰۰
معدنی و صنعتی گل گهر
کگل
۸۹/۰۴/۰۸
۸۹/۱۲/۲۹
۱۹۲۵
۵۳
۶
۸۹/۰۸/۳۰
۵.۰
۱۴۰۰
۱۰۲۰
۹۶۲۵
۱۰
۲,۲۰۰,۰۰۰
نفت سپاهان
شسپا
۸۹/۰۴/۱۸
۸۹/۱۲/۲۹
۱۰۵۲
۴۹
۶
۸۹/۰۸/۳۰
۵.۷
۸۰۰
۵۱۵
۵۹۹۶
۱۵
۱,۶۰۰,۰۰۰
توسعه معادن
ومعادن
۸۹/۰۳/۱۸
۸۹/۱۲/۲۹
۸۲۰
۴۴
۶
۸۹/۰۸/۳۰
۵.۵
۶۰۰
۳۶۱
۴۵۱۰
۲۰
۳,۵۰۰,۰۰۰
داروسازی جابرابن حیان
دجابر
۸۹/۰۳/۲۷
۸۹/۱۲/۲۹
۴۹۸
۴۹
۶
۸۹/۰۸/۲۶
۹.۴
۴۰۰
۲۴۴
۴۶۸۱
۱۵
۳۰۰,۰۰۰
سایپا
خساپا
۸۹/۰۴/۲۸
۸۹/۱۲/۲۹
۹۸
۱۸
۶
۸۹/۰۸/۳۰
۱۳.۵
۵۰
۱۸
۱۳۲۴
۴۵
۸,۲۳۴,۰۰۰
سیمان تهران
ستران
۸۹/۰۴/۱۰
۸۹/۱۲/۲۹
۷۲۴
۵۰
۶
۸۹/۰۸/۳۰
۷.۹
۵۵۰
۳۶۲
۵۷۲۰
۲۰
۱,۰۰۰,۰۰۰
صنایع پتروشیمی خلیج فارس
فارس
۸۹/۰۴/۲۹
۸۹/۱۲/۲۹
۵۳۰
۴۶
۶
۸۹/۰۸/۳۰
۶.۱
۳۵۰
۲۴۴
۳۲۲۳
۱۵
۳۶,۰۰۰,۰۰۰
فولاد مبارکه
فولاد
۸۹/۰۴/۳۰
۸۹/۱۲/۲۹
۴۲۵
۵۲
۶
۸۹/۰۸/۳۰
۵.۱
۳۷۵
۲۲۱
۲۱۶۸
۱۵
۳۴,۳۰۰,۰۰۰
کشتیرانی جمهوری اسلامی
حکشتی
۸۹/۰۴/۲۷
۸۹/۱۲/۲۹
۳۸
۱۰
۶
۸۹/۰۸/۲۹
۴۹.۸
۰
۴
۱۸۹۲
۲۵
۱۱,۸۹۵,۰۰۰
مخابرات ایران
اخابر
۸۹/۰۴/۲۲
۸۹/۱۲/۲۹
۴۱۵
۴۷
۶
۸۹/۰۸/۳۰
۶.۸
۳۸۰
۱۹۵
۲۸۲۲
۲۰
۴۸,۱۱۹,۰۰۰
معدنی و صنعتی گل گهر
کگل
۸۹/۰۴/۰۸
۸۹/۱۲/۲۹
۱۹۲۵
۵۳
۶
۸۹/۰۸/۳۰
۵.۰
۱۴۰۰
۱۰۲۰
۹۶۲۵
۱۰
۲,۲۰۰,۰۰۰
نفت سپاهان
شسپا
۸۹/۰۴/۱۸
۸۹/۱۲/۲۹
۱۰۵۲
۴۹
۶
۸۹/۰۸/۳۰
۵.۷
۸۰۰
۵۱۵
۵۹۹۶
۱۵
۱,۶۰۰,۰۰۰
توسعه معادن
ومعادن
۸۹/۰۳/۱۸
۸۹/۱۲/۲۹
۸۲۰
۴۴
۶
۸۹/۰۸/۳۰
۵.۵
۶۰۰
۳۶۱
۴۵۱۰
۲۰
۳,۵۰۰,۰۰۰
داروسازی جابرابن حیان
دجابر
۸۹/۰۳/۲۷
۸۹/۱۲/۲۹
۴۹۸
۴۹
۶
۸۹/۰۸/۲۶
۹.۴
۴۰۰
۲۴۴
۴۶۸۱
۱۵
۳۰۰,۰۰۰
سایپا
خساپا
۸۹/۰۴/۲۸
۸۹/۱۲/۲۹
۹۸
۱۸
۶
۸۹/۰۸/۳۰
۱۳.۵
۵۰
۱۸
۱۳۲۴
۴۵
۸,۲۳۴,۰۰۰
سیمان تهران
ستران
۸۹/۰۴/۱۰
۸۹/۱۲/۲۹
۷۲۴
۵۰
۶
۸۹/۰۸/۳۰
۷.۹
۵۵۰
۳۶۲
۵۷۲۰
۲۰
۱,۰۰۰,۰۰۰
صنایع پتروشیمی خلیج فارس
فارس
۸۹/۰۴/۲۹
۸۹/۱۲/۲۹
۵۳۰
۴۶
۶
۸۹/۰۸/۳۰
۶.۱
۳۵۰
۲۴۴
۳۲۲۳
۱۵
۳۶,۰۰۰,۰۰۰
فولاد مبارکه
فولاد
۸۹/۰۴/۳۰
۸۹/۱۲/۲۹
۴۲۵
۵۲
۶
۸۹/۰۸/۳۰
۵.۱
۳۷۵
۲۲۱
۲۱۶۸
۱۵
۳۴,۳۰۰,۰۰۰
کشتیرانی جمهوری اسلامی
حکشتی
۸۹/۰۴/۲۷
۸۹/۱۲/۲۹
۳۸
۱۰
۶
۸۹/۰۸/۲۹
۴۹.۸
۰
۴
۱۸۹۲
۲۵
۱۱,۸۹۵,۰۰۰
مخابرات ایران
اخابر
۸۹/۰۴/۲۲
۸۹/۱۲/۲۹
۴۱۵
۴۷
۶
۸۹/۰۸/۳۰
۶.۸
۳۸۰
۱۹۵
۲۸۲۲
۲۰
۴۸,۱۱۹,۰۰۰
معدنی و صنعتی گل گهر
کگل
۸۹/۰۴/۰۸
۸۹/۱۲/۲۹
۱۹۲۵
۵۳
۶
۸۹/۰۸/۳۰
۵.۰
۱۴۰۰
۱۰۲۰
۹۶۲۵
۱۰
۲,۲۰۰,۰۰۰
نفت سپاهان
شسپا
۸۹/۰۴/۱۸
۸۹/۱۲/۲۹
۱۰۵۲
۴۹
۶
۸۹/۰۸/۳۰
۵.۷
۸۰۰
۵۱۵
۵۹۹۶
۱۵
۱,۶۰۰,۰۰۰
توسعه معادن
ومعادن
۸۹/۰۳/۱۸
۸۹/۱۲/۲۹
۸۲۰
۴۴
۶
۸۹/۰۸/۳۰
۵.۵
۶۰۰
۳۶۱
۴۵۱۰
۲۰
۳,۵۰۰,۰۰۰
داروسازی جابرابن حیان
دجابر
۸۹/۰۳/۲۷
۸۹/۱۲/۲۹
۴۹۸
۴۹
۶
۸۹/۰۸/۲۶
۹.۴
۴۰۰
۲۴۴
۴۶۸۱
۱۵
۳۰۰,۰۰۰
سایپا
خساپا
۸۹/۰۴/۲۸
۸۹/۱۲/۲۹
۹۸
۱۸
۶
۸۹/۰۸/۳۰
۱۳.۵
۵۰
۱۸
۱۳۲۴
۴۵
۸,۲۳۴,۰۰۰
سیمان تهران
ستران
۸۹/۰۴/۱۰
۸۹/۱۲/۲۹
۷۲۴
۵۰
۶
۸۹/۰۸/۳۰
۷.۹
۵۵۰
۳۶۲
۵۷۲۰
۲۰
۱,۰۰۰,۰۰۰
صنایع پتروشیمی خلیج فارس
فارس
۸۹/۰۴/۲۹
۸۹/۱۲/۲۹
۵۳۰
۴۶
۶
۸۹/۰۸/۳۰
۶.۱
۳۵۰
۲۴۴
۳۲۲۳
۱۵
۳۶,۰۰۰,۰۰۰
فولاد مبارکه
فولاد
۸۹/۰۴/۳۰
۸۹/۱۲/۲۹
۴۲۵
۵۲
۶
۸۹/۰۸/۳۰
۵.۱
۳۷۵
۲۲۱
۲۱۶۸
۱۵
۳۴,۳۰۰,۰۰۰
کشتیرانی جمهوری اسلامی
حکشتی
۸۹/۰۴/۲۷
۸۹/۱۲/۲۹
۳۸
۱۰
۶
۸۹/۰۸/۲۹
۴۹.۸
۰
۴
۱۸۹۲
۲۵
۱۱,۸۹۵,۰۰۰
مخابرات ایران
اخابر
۸۹/۰۴/۲۲
۸۹/۱۲/۲۹
۴۱۵
۴۷
۶
۸۹/۰۸/۳۰
۶.۸
۳۸۰
۱۹۵
۲۸۲۲
۲۰
۴۸,۱۱۹,۰۰۰
معدنی و صنعتی گل گهر
کگل
۸۹/۰۴/۰۸
۸۹/۱۲/۲۹
۱۹۲۵
۵۳
۶
۸۹/۰۸/۳۰
۵.۰
۱۴۰۰
۱۰۲۰
۹۶۲۵
۱۰
۲,۲۰۰,۰۰۰
نفت سپاهان
شسپا
۸۹/۰۴/۱۸
۸۹/۱۲/۲۹
۱۰۵۲
۴۹
۶
۸۹/۰۸/۳۰
۵.۷
۸۰۰
۵۱۵
۵۹۹۶
۱۵
۱,۶۰۰,۰۰۰
توسعه معادن
ومعادن
۸۹/۰۳/۱۸
۸۹/۱۲/۲۹
۸۲۰
۴۴
۶
۸۹/۰۸/۳۰
۵.۵
۶۰۰
۳۶۱
۴۵۱۰
۲۰
۳,۵۰۰,۰۰۰
داروسازی جابرابن حیان
دجابر
۸۹/۰۳/۲۷
۸۹/۱۲/۲۹
۴۹۸
۴۹
۶
۸۹/۰۸/۲۶
۹.۴
۴۰۰
۲۴۴
۴۶۸۱
۱۵
۳۰۰,۰۰۰
سایپا
خساپا
۸۹/۰۴/۲۸
۸۹/۱۲/۲۹
۹۸
۱۸
۶
۸۹/۰۸/۳۰
۱۳.۵
۵۰
۱۸
۱۳۲۴
۴۵
۸,۲۳۴,۰۰۰
سیمان تهران
ستران
۸۹/۰۴/۱۰
۸۹/۱۲/۲۹
۷۲۴
۵۰
۶
۸۹/۰۸/۳۰
۷.۹
۵۵۰
۳۶۲
۵۷۲۰
۲۰
۱,۰۰۰,۰۰۰
صنایع پتروشیمی خلیج فارس
فارس
۸۹/۰۴/۲۹
۸۹/۱۲/۲۹
۵۳۰
۴۶
۶
۸۹/۰۸/۳۰
۶.۱
۳۵۰
۲۴۴
۳۲۲۳
۱۵
۳۶,۰۰۰,۰۰۰
فولاد مبارکه
فولاد
۸۹/۰۴/۳۰
۸۹/۱۲/۲۹
۴۲۵
۵۲
۶
۸۹/۰۸/۳۰
۵.۱
۳۷۵
۲۲۱
۲۱۶۸
۱۵
۳۴,۳۰۰,۰۰۰
کشتیرانی جمهوری اسلامی
حکشتی
۸۹/۰۴/۲۷
۸۹/۱۲/۲۹
۳۸
۱۰
۶
۸۹/۰۸/۲۹
۴۹.۸
۰
۴
۱۸۹۲
۲۵
۱۱,۸۹۵,۰۰۰
مخابرات ایران
اخابر
۸۹/۰۴/۲۲
۸۹/۱۲/۲۹
۴۱۵
۴۷
۶
۸۹/۰۸/۳۰
۶.۸
۳۸۰
۱۹۵
۲۸۲۲
۲۰
۴۸,۱۱۹,۰۰۰
معدنی و صنعتی گل گهر
کگل
۸۹/۰۴/۰۸
۸۹/۱۲/۲۹
۱۹۲۵
۵۳
۶
۸۹/۰۸/۳۰
۵.۰
۱۴۰۰
۱۰۲۰
۹۶۲۵
۱۰
۲,۲۰۰,۰۰۰
نفت سپاهان
شسپا
۸۹/۰۴/۱۸
۸۹/۱۲/۲۹
۱۰۵۲
۴۹
۶
۸۹/۰۸/۳۰
۵.۷
۸۰۰
۵۱۵
۵۹۹۶
۱۵
۱,۶۰۰,۰۰۰
توسعه معادن
ومعادن
۸۹/۰۳/۱۸
۸۹/۱۲/۲۹
۸۲۰
۴۴
۶
۸۹/۰۸/۳۰
۵.۵
۶۰۰
۳۶۱
۴۵۱۰
۲۰
۳,۵۰۰,۰۰۰
داروسازی جابرابن حیان
دجابر
۸۹/۰۳/۲۷
۸۹/۱۲/۲۹
۴۹۸
۴۹
۶
۸۹/۰۸/۲۶
۹.۴
۴۰۰
۲۴۴
۴۶۸۱
۱۵
۳۰۰,۰۰۰
سایپا
خساپا
۸۹/۰۴/۲۸
۸۹/۱۲/۲۹
۹۸
۱۸
۶
۸۹/۰۸/۳۰
۱۳.۵
۵۰
۱۸
۱۳۲۴
۴۵
۸,۲۳۴,۰۰۰
سیمان تهران
ستران
۸۹/۰۴/۱۰
۸۹/۱۲/۲۹
۷۲۴
۵۰
۶
۸۹/۰۸/۳۰
۷.۹
۵۵۰
۳۶۲
۵۷۲۰
۲۰
۱,۰۰۰,۰۰۰
صنایع پتروشیمی خلیج فارس
فارس
۸۹/۰۴/۲۹
۸۹/۱۲/۲۹
۵۳۰
۴۶
۶
۸۹/۰۸/۳۰
۶.۱
۳۵۰
۲۴۴
۳۲۲۳
۱۵
۳۶,۰۰۰,۰۰۰
فولاد مبارکه
فولاد
۸۹/۰۴/۳۰
۸۹/۱۲/۲۹
۴۲۵
۵۲
۶
۸۹/۰۸/۳۰
۵.۱
۳۷۵
۲۲۱
۲۱۶۸
۱۵
۳۴,۳۰۰,۰۰۰
کشتیرانی جمهوری اسلامی
حکشتی
۸۹/۰۴/۲۷
۸۹/۱۲/۲۹
۳۸
۱۰
۶
۸۹/۰۸/۲۹
۴۹.۸
۰
۴
۱۸۹۲
۲۵
۱۱,۸۹۵,۰۰۰
مخابرات ایران
اخابر
۸۹/۰۴/۲۲
۸۹/۱۲/۲۹
۴۱۵
۴۷
۶
۸۹/۰۸/۳۰
۶.۸
۳۸۰
۱۹۵
۲۸۲۲
۲۰
۴۸,۱۱۹,۰۰۰
معدنی و صنعتی گل گهر
کگل
۸۹/۰۴/۰۸
۸۹/۱۲/۲۹
۱۹۲۵
۵۳
۶
۸۹/۰۸/۳۰
۵.۰
۱۴۰۰
۱۰۲۰
۹۶۲۵
۱۰
۲,۲۰۰,۰۰۰
نفت سپاهان
شسپا
۸۹/۰۴/۱۸
۸۹/۱۲/۲۹
۱۰۵۲
۴۹
۶
۸۹/۰۸/۳۰
۵.۷
۸۰۰
۵۱۵
۵۹۹۶
۱۵
۱,۶۰۰,۰۰۰
توسعه معادن
ومعادن
۸۹/۰۳/۱۸
۸۹/۱۲/۲۹
۸۲۰
۴۴
۶
۸۹/۰۸/۳۰
۵.۵
۶۰۰
۳۶۱
۴۵۱۰
۲۰
۳,۵۰۰,۰۰۰
داروسازی جابرابن حیان
دجابر
۸۹/۰۳/۲۷
۸۹/۱۲/۲۹
۴۹۸
۴۹
۶
۸۹/۰۸/۲۶
۹.۴
۴۰۰
۲۴۴
۴۶۸۱
۱۵
۳۰۰,۰۰۰
سایپا
خساپا
۸۹/۰۴/۲۸
۸۹/۱۲/۲۹
۹۸
۱۸
۶
۸۹/۰۸/۳۰
۱۳.۵
۵۰
۱۸
۱۳۲۴
۴۵
۸,۲۳۴,۰۰۰
سیمان تهران
ستران
۸۹/۰۴/۱۰
۸۹/۱۲/۲۹
۷۲۴
۵۰
۶
۸۹/۰۸/۳۰
۷.۹
۵۵۰
۳۶۲
۵۷۲۰
۲۰
۱,۰۰۰,۰۰۰
صنایع پتروشیمی خلیج فارس
فارس
۸۹/۰۴/۲۹
۸۹/۱۲/۲۹
۵۳۰
۴۶
۶
۸۹/۰۸/۳۰
۶.۱
۳۵۰
۲۴۴
۳۲۲۳
۱۵
۳۶,۰۰۰,۰۰۰
فولاد مبارکه
فولاد
۸۹/۰۴/۳۰
۸۹/۱۲/۲۹
۴۲۵
۵۲
۶
۸۹/۰۸/۳۰
۵.۱
۳۷۵
۲۲۱
۲۱۶۸
۱۵
۳۴,۳۰۰,۰۰۰
کشتیرانی جمهوری اسلامی
حکشتی
۸۹/۰۴/۲۷
۸۹/۱۲/۲۹
۳۸
۱۰
۶
۸۹/۰۸/۲۹
۴۹.۸
۰
۴
۱۸۹۲
۲۵
۱۱,۸۹۵,۰۰۰
مخابرات ایران
اخابر
۸۹/۰۴/۲۲
۸۹/۱۲/۲۹
۴۱۵
۴۷
۶
۸۹/۰۸/۳۰
۶.۸
۳۸۰
۱۹۵
۲۸۲۲
۲۰
۴۸,۱۱۹,۰۰۰
معدنی و صنعتی گل گهر
کگل
۸۹/۰۴/۰۸
۸۹/۱۲/۲۹
۱۹۲۵
۵۳
۶
۸۹/۰۸/۳۰
۵.۰
۱۴۰۰
۱۰۲۰
۹۶۲۵
۱۰
۲,۲۰۰,۰۰۰
نفت سپاهان
شسپا
۸۹/۰۴/۱۸
۸۹/۱۲/۲۹
۱۰۵۲
۴۹
۶
۸۹/۰۸/۳۰
۵.۷
۸۰۰
۵۱۵
۵۹۹۶
۱۵
۱,۶۰۰,۰۰۰
توسعه معادن
ومعادن
۸۹/۰۳/۱۸
۸۹/۱۲/۲۹
۸۲۰
۴۴
۶
۸۹/۰۸/۳۰
۵.۵
۶۰۰
۳۶۱
۴۵۱۰
۲۰
۳,۵۰۰,۰۰۰
داروسازی جابرابن حیان
دجابر
۸۹/۰۳/۲۷
۸۹/۱۲/۲۹
۴۹۸
۴۹
۶
۸۹/۰۸/۲۶
۹.۴
۴۰۰
۲۴۴
۴۶۸۱
۱۵
۳۰۰,۰۰۰
سایپا
خساپا
۸۹/۰۴/۲۸
۸۹/۱۲/۲۹
۹۸
۱۸
۶
۸۹/۰۸/۳۰
۱۳.۵
۵۰
۱۸
۱۳۲۴
۴۵
۸,۲۳۴,۰۰۰
سیمان تهران
ستران
۸۹/۰۴/۱۰
۸۹/۱۲/۲۹
۷۲۴
۵۰
۶
۸۹/۰۸/۳۰
۷.۹
۵۵۰
۳۶۲
۵۷۲۰
۲۰
۱,۰۰۰,۰۰۰
صنایع پتروشیمی خلیج فارس
فارس
۸۹/۰۴/۲۹
۸۹/۱۲/۲۹
۵۳۰
۴۶
۶
۸۹/۰۸/۳۰
۶.۱
۳۵۰
۲۴۴
۳۲۲۳
۱۵
۳۶,۰۰۰,۰۰۰
فولاد مبارکه
فولاد
۸۹/۰۴/۳۰
۸۹/۱۲/۲۹
۴۲۵
۵۲
۶
۸۹/۰۸/۳۰
۵.۱
۳۷۵
۲۲۱
۲۱۶۸
۱۵
۳۴,۳۰۰,۰۰۰
کشتیرانی جمهوری اسلامی
حکشتی
۸۹/۰۴/۲۷
۸۹/۱۲/۲۹
۳۸
۱۰
۶
۸۹/۰۸/۲۹
۴۹.۸
۰
۴
۱۸۹۲
۲۵
۱۱,۸۹۵,۰۰۰
مخابرات ایران
اخابر
۸۹/۰۴/۲۲
۸۹/۱۲/۲۹
۴۱۵
۴۷
۶
۸۹/۰۸/۳۰
۶.۸
۳۸۰
۱۹۵
۲۸۲۲
۲۰
۴۸,۱۱۹,۰۰۰
معدنی و صنعتی گل گهر
کگل
۸۹/۰۴/۰۸
۸۹/۱۲/۲۹
۱۹۲۵
۵۳
۶
۸۹/۰۸/۳۰
۵.۰
۱۴۰۰
۱۰۲۰
۹۶۲۵
۱۰
۲,۲۰۰,۰۰۰
نفت سپاهان
شسپا
۸۹/۰۴/۱۸
۸۹/۱۲/۲۹
۱۰۵۲
۴۹
۶
۸۹/۰۸/۳۰
۵.۷
۸۰۰
۵۱۵
۵۹۹۶
۱۵
۱,۶۰۰,۰۰۰
توسعه معادن
ومعادن
۸۹/۰۳/۱۸
۸۹/۱۲/۲۹
۸۲۰
۴۴
۶
۸۹/۰۸/۳۰
۵.۵
۶۰۰
۳۶۱
۴۵۱۰
۲۰
۳,۵۰۰,۰۰۰
داروسازی جابرابن حیان
دجابر
۸۹/۰۳/۲۷
۸۹/۱۲/۲۹
۴۹۸
۴۹
۶
۸۹/۰۸/۲۶
۹.۴
۴۰۰
۲۴۴
۴۶۸۱
۱۵
۳۰۰,۰۰۰
سایپا
خساپا
۸۹/۰۴/۲۸
۸۹/۱۲/۲۹
۹۸
۱۸
۶
۸۹/۰۸/۳۰
۱۳.۵
۵۰
۱۸
۱۳۲۴
۴۵
۸,۲۳۴,۰۰۰
سیمان تهران
ستران
۸۹/۰۴/۱۰
۸۹/۱۲/۲۹
۷۲۴
۵۰
۶
۸۹/۰۸/۳۰
۷.۹
۵۵۰
۳۶۲
۵۷۲۰
۲۰
۱,۰۰۰,۰۰۰
صنایع پتروشیمی خلیج فارس
فارس
۸۹/۰۴/۲۹
۸۹/۱۲/۲۹
۵۳۰
۴۶
۶
۸۹/۰۸/۳۰
۶.۱
۳۵۰
۲۴۴
۳۲۲۳
۱۵
۳۶,۰۰۰,۰۰۰
فولاد مبارکه
فولاد
۸۹/۰۴/۳۰
۸۹/۱۲/۲۹
۴۲۵
۵۲
۶
۸۹/۰۸/۳۰
۵.۱
۳۷۵
۲۲۱
۲۱۶۸
۱۵
۳۴,۳۰۰,۰۰۰
کشتیرانی جمهوری اسلامی
حکشتی
۸۹/۰۴/۲۷
۸۹/۱۲/۲۹
۳۸
۱۰
۶
۸۹/۰۸/۲۹
۴۹.۸
۰
۴
۱۸۹۲
۲۵
۱۱,۸۹۵,۰۰۰
مخابرات ایران
اخابر
۸۹/۰۴/۲۲
۸۹/۱۲/۲۹
۴۱۵
۴۷
۶
۸۹/۰۸/۳۰
۶.۸
۳۸۰
۱۹۵
۲۸۲۲
۲۰
۴۸,۱۱۹,۰۰۰
معدنی و صنعتی گل گهر
کگل
۸۹/۰۴/۰۸
۸۹/۱۲/۲۹
۱۹۲۵
۵۳
۶
۸۹/۰۸/۳۰
۵.۰
۱۴۰۰
۱۰۲۰
۹۶۲۵
۱۰
۲,۲۰۰,۰۰۰
نفت سپاهان
شسپا
۸۹/۰۴/۱۸
۸۹/۱۲/۲۹
۱۰۵۲
۴۹
۶
۸۹/۰۸/۳۰
۵.۷
۸۰۰
۵۱۵
۵۹۹۶
۱۵
۱,۶۰۰,۰۰۰
توسعه معادن
ومعادن
۸۹/۰۳/۱۸
۸۹/۱۲/۲۹
۸۲۰
۴۴
۶
۸۹/۰۸/۳۰
۵.۵
۶۰۰
۳۶۱
۴۵۱۰
۲۰
۳,۵۰۰,۰۰۰
داروسازی جابرابن حیان
دجابر
۸۹/۰۳/۲۷
۸۹/۱۲/۲۹
۴۹۸
۴۹
۶
۸۹/۰۸/۲۶
۹.۴
۴۰۰
۲۴۴
۴۶۸۱
۱۵
۳۰۰,۰۰۰
سایپا
خساپا
۸۹/۰۴/۲۸
۸۹/۱۲/۲۹
۹۸
۱۸
۶
۸۹/۰۸/۳۰
۱۳.۵
۵۰
۱۸
۱۳۲۴
۴۵
۸,۲۳۴,۰۰۰
سیمان تهران
ستران
۸۹/۰۴/۱۰
۸۹/۱۲/۲۹
۷۲۴
۵۰
۶
۸۹/۰۸/۳۰
۷.۹
۵۵۰
۳۶۲
۵۷۲۰
۲۰
۱,۰۰۰,۰۰۰
صنایع پتروشیمی خلیج فارس
فارس
۸۹/۰۴/۲۹
۸۹/۱۲/۲۹
۵۳۰
۴۶
۶
۸۹/۰۸/۳۰
۶.۱
۳۵۰
۲۴۴
۳۲۲۳
۱۵
۳۶,۰۰۰,۰۰۰
فولاد مبارکه
فولاد
۸۹/۰۴/۳۰
۸۹/۱۲/۲۹
۴۲۵
۵۲
۶
۸۹/۰۸/۳۰
۵.۱
۳۷۵
۲۲۱
۲۱۶۸
۱۵
۳۴,۳۰۰,۰۰۰
کشتیرانی جمهوری اسلامی
حکشتی
۸۹/۰۴/۲۷
۸۹/۱۲/۲۹
۳۸
۱۰
۶
۸۹/۰۸/۲۹
۴۹.۸
۰
۴
۱۸۹۲
۲۵
۱۱,۸۹۵,۰۰۰
مخابرات ایران
اخابر
۸۹/۰۴/۲۲
۸۹/۱۲/۲۹
۴۱۵
۴۷
۶
۸۹/۰۸/۳۰
۶.۸
۳۸۰
۱۹۵
۲۸۲۲
۲۰
۴۸,۱۱۹,۰۰۰
